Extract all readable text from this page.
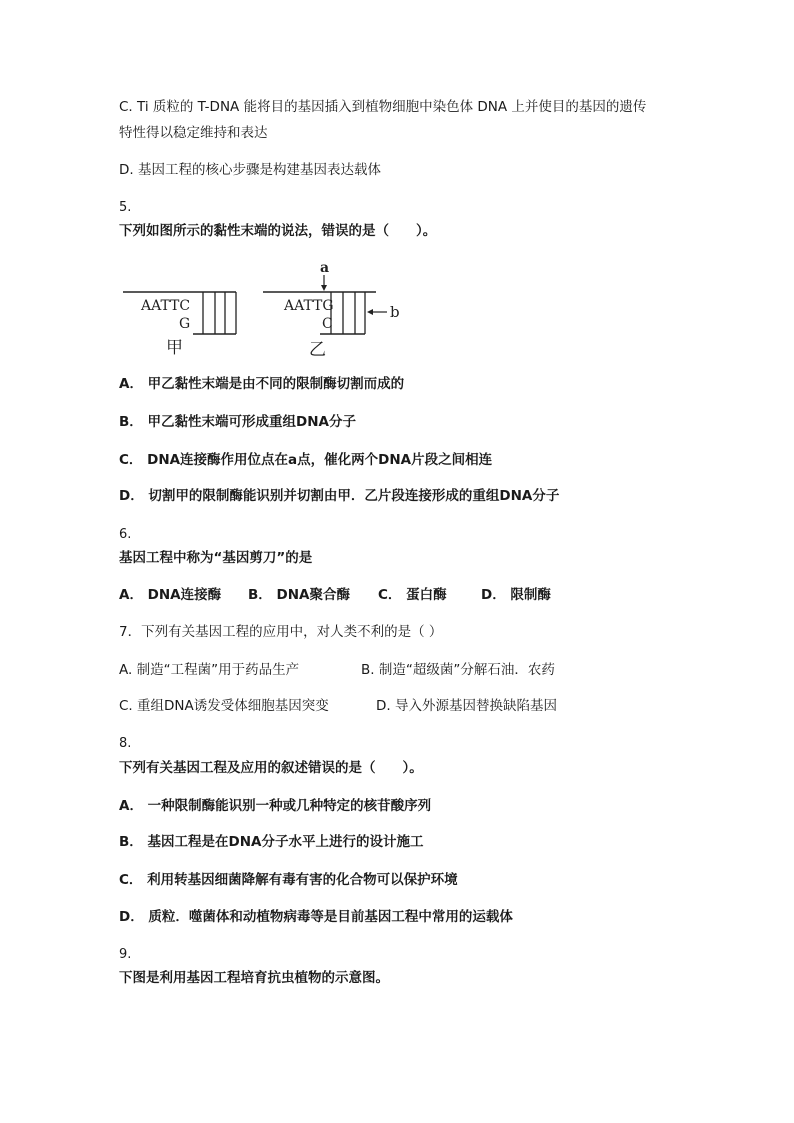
C. Ti 质粒的 T-DNA 能将目的基因插入到植物细胞中染色体 DNA 上并使目的基因的遗传
特性得以稳定维持和表达
D. 基因工程的核心步骤是构建基因表达载体
5.
下列如图所示的黏性末端的说法，错误的是（　　）。
AATTC
G
甲
AATTG
C
乙
a
b
A． 甲乙黏性末端是由不同的限制酶切割而成的
B． 甲乙黏性末端可形成重组DNA分子
C． DNA连接酶作用位点在a点，催化两个DNA片段之间相连
D． 切割甲的限制酶能识别并切割由甲．乙片段连接形成的重组DNA分子
6.
基因工程中称为“基因剪刀”的是
A． DNA连接酶 B． DNA聚合酶 C． 蛋白酶	D． 限制酶
7．下列有关基因工程的应用中，对人类不利的是（ ）
A. 制造“工程菌”用于药品生产	B. 制造“超级菌”分解石油．农药
C. 重组DNA诱发受体细胞基因突变	D. 导入外源基因替换缺陷基因
8.
下列有关基因工程及应用的叙述错误的是（　　）。
A． 一种限制酶能识别一种或几种特定的核苷酸序列
B． 基因工程是在DNA分子水平上进行的设计施工
C． 利用转基因细菌降解有毒有害的化合物可以保护环境
D． 质粒．噬菌体和动植物病毒等是目前基因工程中常用的运载体
9.
下图是利用基因工程培育抗虫植物的示意图。
